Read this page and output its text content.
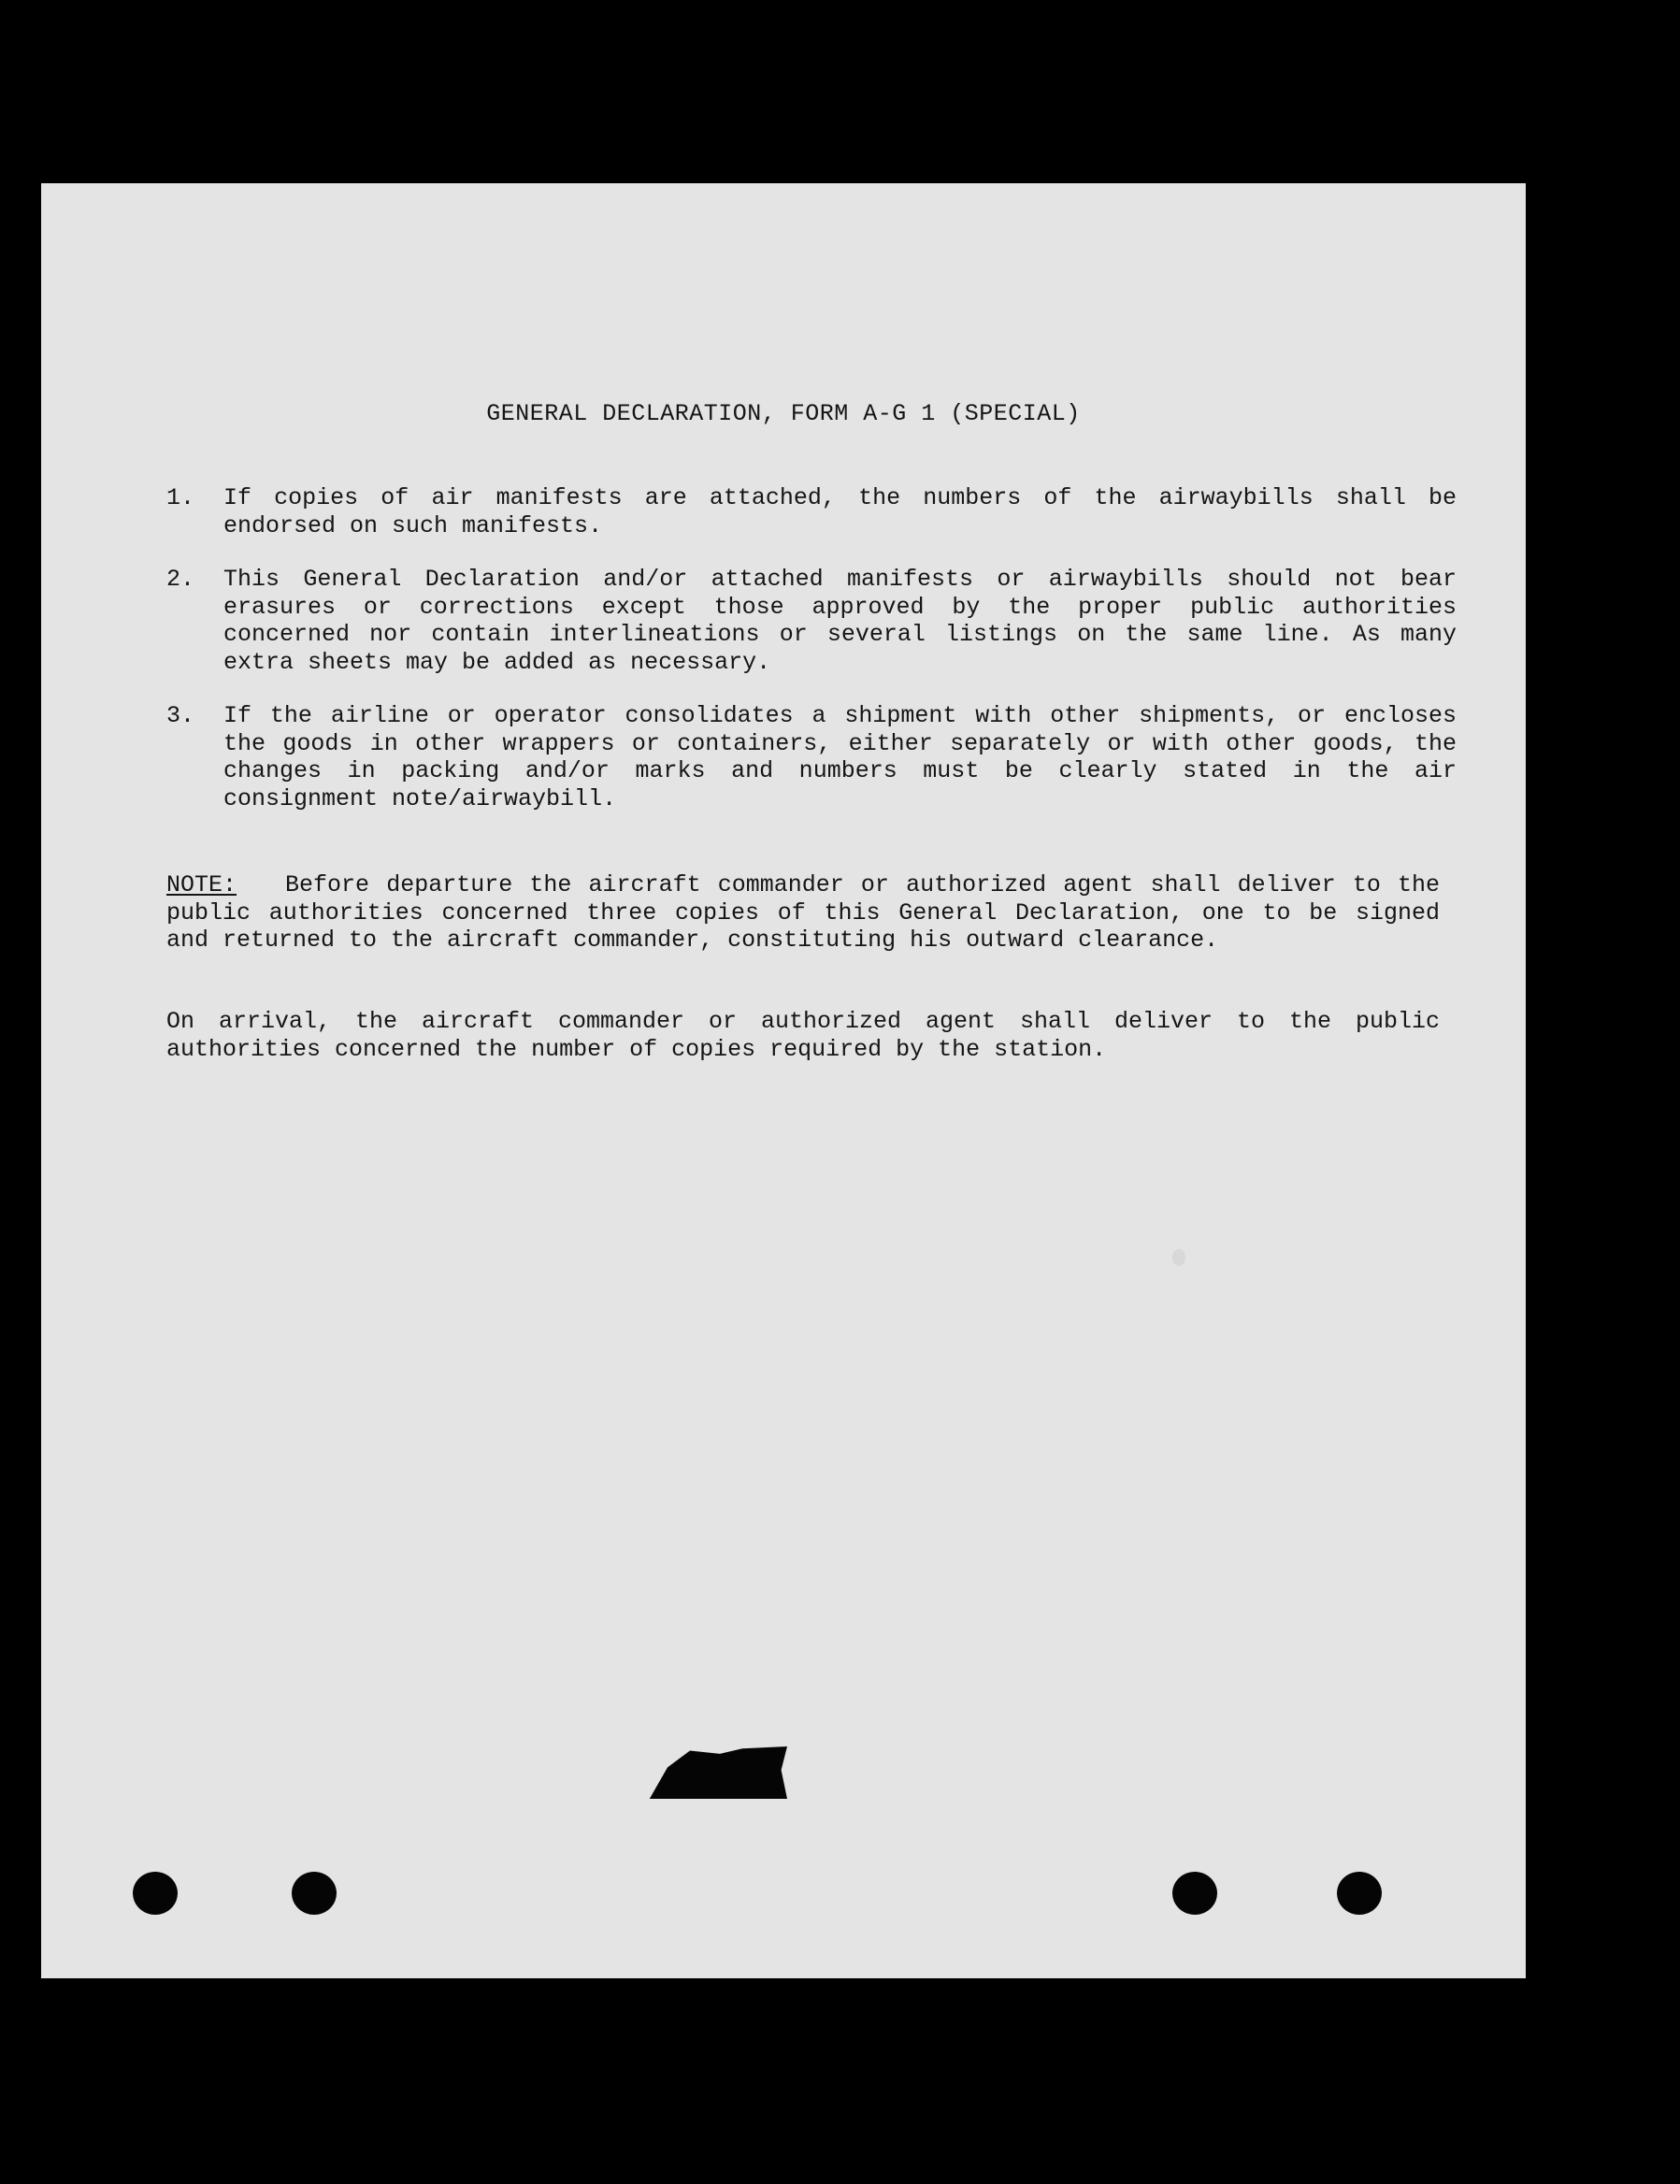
GENERAL DECLARATION, FORM A-G 1 (SPECIAL)
1.	If copies of air manifests are attached, the numbers of the airwaybills shall be endorsed on such manifests.
2.	This General Declaration and/or attached manifests or airwaybills should not bear erasures or corrections except those approved by the proper public authorities concerned nor contain interlineations or several listings on the same line. As many extra sheets may be added as necessary.
3.	If the airline or operator consolidates a shipment with other shipments, or encloses the goods in other wrappers or containers, either separately or with other goods, the changes in packing and/or marks and numbers must be clearly stated in the air consignment note/airwaybill.

NOTE: Before departure the aircraft commander or authorized agent shall deliver to the public authorities concerned three copies of this General Declaration, one to be signed and returned to the aircraft commander, constituting his outward clearance.

On arrival, the aircraft commander or authorized agent shall deliver to the public authorities concerned the number of copies required by the station.
